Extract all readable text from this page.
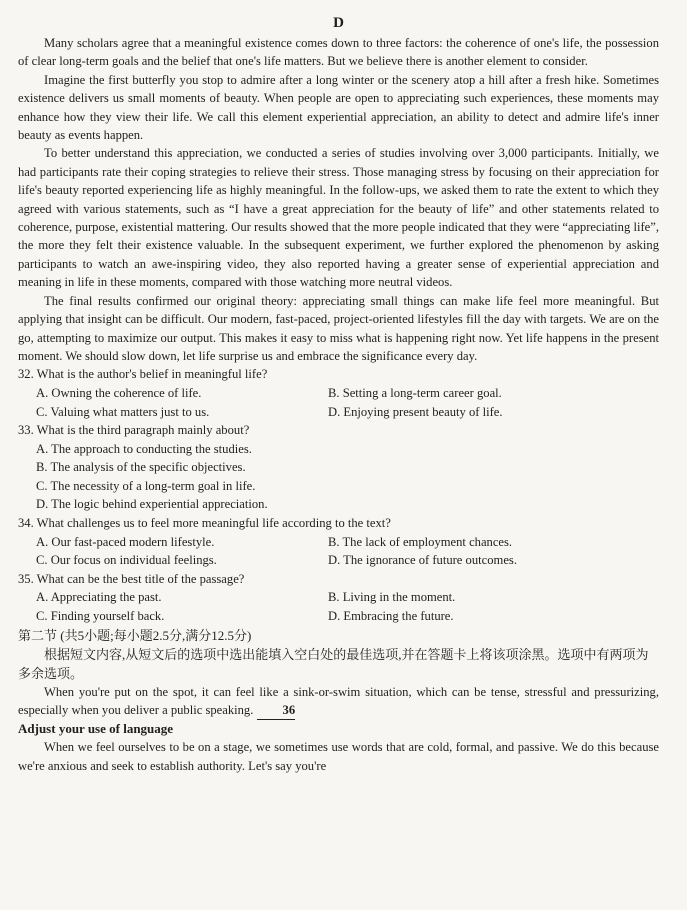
D

Many scholars agree that a meaningful existence comes down to three factors: the coherence of one's life, the possession of clear long-term goals and the belief that one's life matters. But we believe there is another element to consider.

Imagine the first butterfly you stop to admire after a long winter or the scenery atop a hill after a fresh hike. Sometimes existence delivers us small moments of beauty. When people are open to appreciating such experiences, these moments may enhance how they view their life. We call this element experiential appreciation, an ability to detect and admire life's inner beauty as events happen.

To better understand this appreciation, we conducted a series of studies involving over 3,000 participants. Initially, we had participants rate their coping strategies to relieve their stress. Those managing stress by focusing on their appreciation for life's beauty reported experiencing life as highly meaningful. In the follow-ups, we asked them to rate the extent to which they agreed with various statements, such as “I have a great appreciation for the beauty of life” and other statements related to coherence, purpose, existential mattering. Our results showed that the more people indicated that they were “appreciating life”, the more they felt their existence valuable. In the subsequent experiment, we further explored the phenomenon by asking participants to watch an awe-inspiring video, they also reported having a greater sense of experiential appreciation and meaning in life in these moments, compared with those watching more neutral videos.

The final results confirmed our original theory: appreciating small things can make life feel more meaningful. But applying that insight can be difficult. Our modern, fast-paced, project-oriented lifestyles fill the day with targets. We are on the go, attempting to maximize our output. This makes it easy to miss what is happening right now. Yet life happens in the present moment. We should slow down, let life surprise us and embrace the significance every day.

32. What is the author's belief in meaningful life?
A. Owning the coherence of life.	B. Setting a long-term career goal.
C. Valuing what matters just to us.	D. Enjoying present beauty of life.
33. What is the third paragraph mainly about?
A. The approach to conducting the studies.
B. The analysis of the specific objectives.
C. The necessity of a long-term goal in life.
D. The logic behind experiential appreciation.
34. What challenges us to feel more meaningful life according to the text?
A. Our fast-paced modern lifestyle.	B. The lack of employment chances.
C. Our focus on individual feelings.	D. The ignorance of future outcomes.
35. What can be the best title of the passage?
A. Appreciating the past.	B. Living in the moment.
C. Finding yourself back.	D. Embracing the future.
第二节 (共5小题;每小题2.5分,满分12.5分)

根据短文内容,从短文后的选项中选出能填入空白处的最佳选项,并在答题卡上将该项涂黑。选项中有两项为多余选项。

When you're put on the spot, it can feel like a sink-or-swim situation, which can be tense, stressful and pressurizing, especially when you deliver a public speaking. 36

Adjust your use of language

When we feel ourselves to be on a stage, we sometimes use words that are cold, formal, and passive. We do this because we're anxious and seek to establish authority. Let's say you're
